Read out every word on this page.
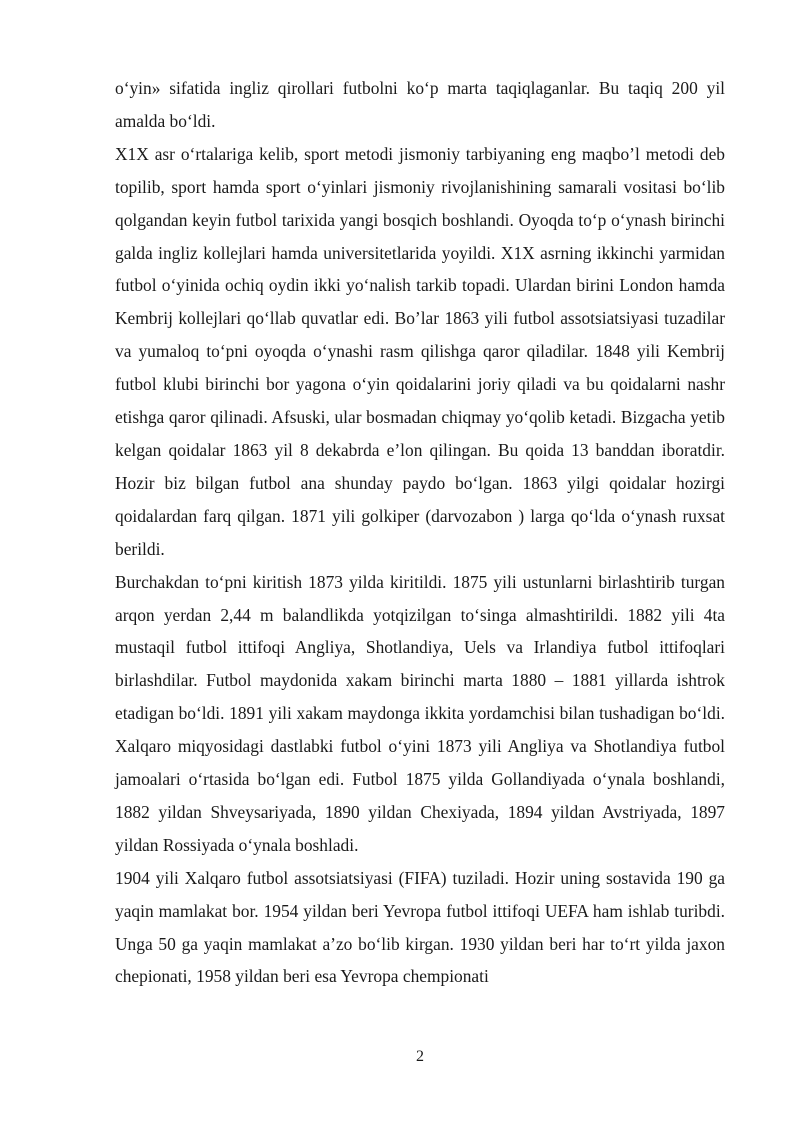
o‘yin» sifatida ingliz qirollari futbolni ko‘p marta taqiqlaganlar. Bu taqiq 200 yil amalda bo‘ldi.

X1X asr o‘rtalariga kelib, sport metodi jismoniy tarbiyaning eng maqbo’l metodi deb topilib, sport hamda sport o‘yinlari jismoniy rivojlanishining samarali vositasi bo‘lib qolgandan keyin futbol tarixida yangi bosqich boshlandi. Oyoqda to‘p o‘ynash birinchi galda ingliz kollejlari hamda universitetlarida yoyildi. X1X asrning ikkinchi yarmidan futbol o‘yinida ochiq oydin ikki yo‘nalish tarkib topadi. Ulardan birini London hamda Kembrij kollejlari qo‘llab quvatlar edi. Bo’lar 1863 yili futbol assotsiatsiyasi tuzadilar va yumaloq to‘pni oyoqda o‘ynashi rasm qilishga qaror qiladilar. 1848 yili Kembrij futbol klubi birinchi bor yagona o‘yin qoidalarini joriy qiladi va bu qoidalarni nashr etishga qaror qilinadi. Afsuski, ular bosmadan chiqmay yo‘qolib ketadi. Bizgacha yetib kelgan qoidalar 1863 yil 8 dekabrda e’lon qilingan. Bu qoida 13 banddan iboratdir. Hozir biz bilgan futbol ana shunday paydo bo‘lgan. 1863 yilgi qoidalar hozirgi qoidalardan farq qilgan. 1871 yili golkiper (darvozabon ) larga qo‘lda o‘ynash ruxsat berildi.

Burchakdan to‘pni kiritish 1873 yilda kiritildi. 1875 yili ustunlarni birlashtirib turgan arqon yerdan 2,44 m balandlikda yotqizilgan to‘singa almashtirildi. 1882 yili 4ta mustaqil futbol ittifoqi Angliya, Shotlandiya, Uels va Irlandiya futbol ittifoqlari birlashdilar. Futbol maydonida xakam birinchi marta 1880 – 1881 yillarda ishtrok etadigan bo‘ldi. 1891 yili xakam maydonga ikkita yordamchisi bilan tushadigan bo‘ldi. Xalqaro miqyosidagi dastlabki futbol o‘yini 1873 yili Angliya va Shotlandiya futbol jamoalari o‘rtasida bo‘lgan edi. Futbol 1875 yilda Gollandiyada o‘ynala boshlandi, 1882 yildan Shveysariyada, 1890 yildan Chexiyada, 1894 yildan Avstriyada, 1897 yildan Rossiyada o‘ynala boshladi.

1904 yili Xalqaro futbol assotsiatsiyasi (FIFA) tuziladi. Hozir uning sostavida 190 ga yaqin mamlakat bor. 1954 yildan beri Yevropa futbol ittifoqi UEFA ham ishlab turibdi. Unga 50 ga yaqin mamlakat a’zo bo‘lib kirgan. 1930 yildan beri har to‘rt yilda jaxon chepionati, 1958 yildan beri esa Yevropa chempionati

2
